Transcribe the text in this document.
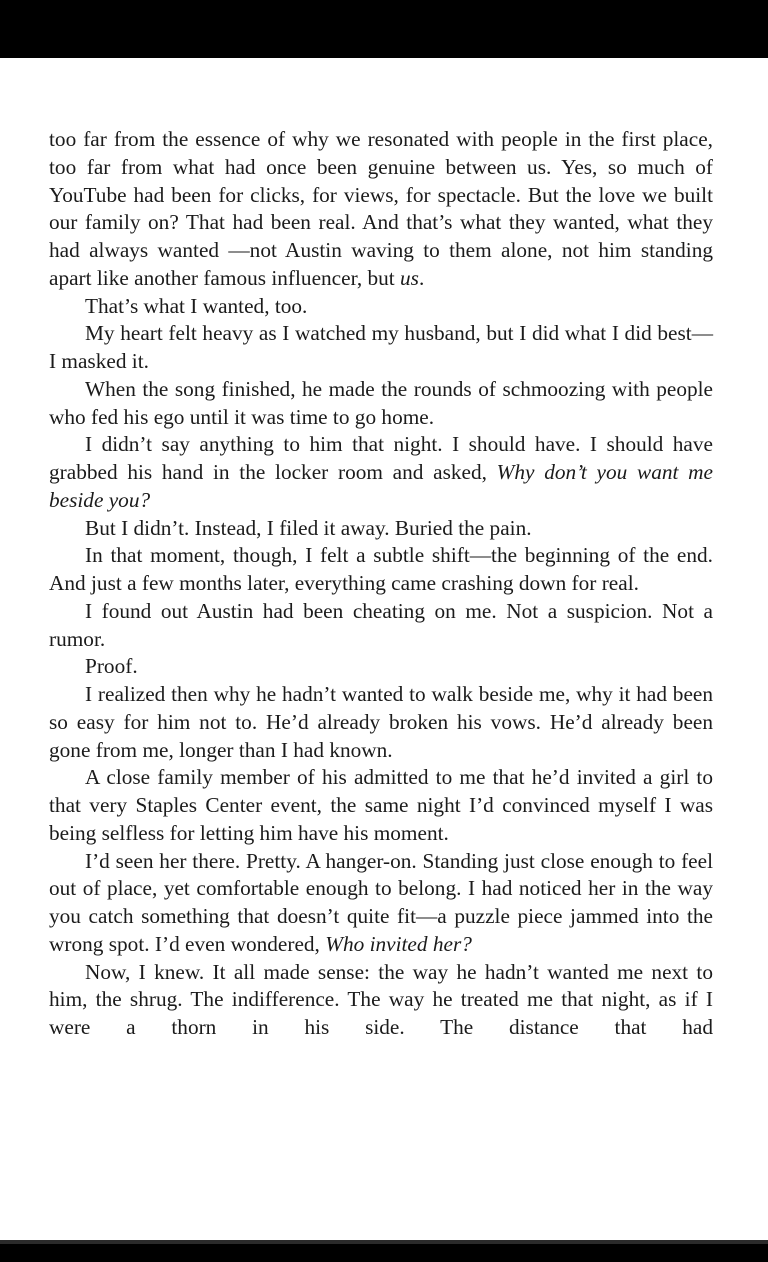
too far from the essence of why we resonated with people in the first place, too far from what had once been genuine between us. Yes, so much of YouTube had been for clicks, for views, for spectacle. But the love we built our family on? That had been real. And that’s what they wanted, what they had always wanted —not Austin waving to them alone, not him standing apart like another famous influencer, but us.

That’s what I wanted, too.

My heart felt heavy as I watched my husband, but I did what I did best—I masked it.

When the song finished, he made the rounds of schmoozing with people who fed his ego until it was time to go home.

I didn’t say anything to him that night. I should have. I should have grabbed his hand in the locker room and asked, Why don’t you want me beside you?

But I didn’t. Instead, I filed it away. Buried the pain.

In that moment, though, I felt a subtle shift—the beginning of the end. And just a few months later, everything came crashing down for real.

I found out Austin had been cheating on me. Not a suspicion. Not a rumor.

Proof.

I realized then why he hadn’t wanted to walk beside me, why it had been so easy for him not to. He’d already broken his vows. He’d already been gone from me, longer than I had known.

A close family member of his admitted to me that he’d invited a girl to that very Staples Center event, the same night I’d convinced myself I was being selfless for letting him have his moment.

I’d seen her there. Pretty. A hanger-on. Standing just close enough to feel out of place, yet comfortable enough to belong. I had noticed her in the way you catch something that doesn’t quite fit—a puzzle piece jammed into the wrong spot. I’d even wondered, Who invited her?

Now, I knew. It all made sense: the way he hadn’t wanted me next to him, the shrug. The indifference. The way he treated me that night, as if I were a thorn in his side. The distance that had
